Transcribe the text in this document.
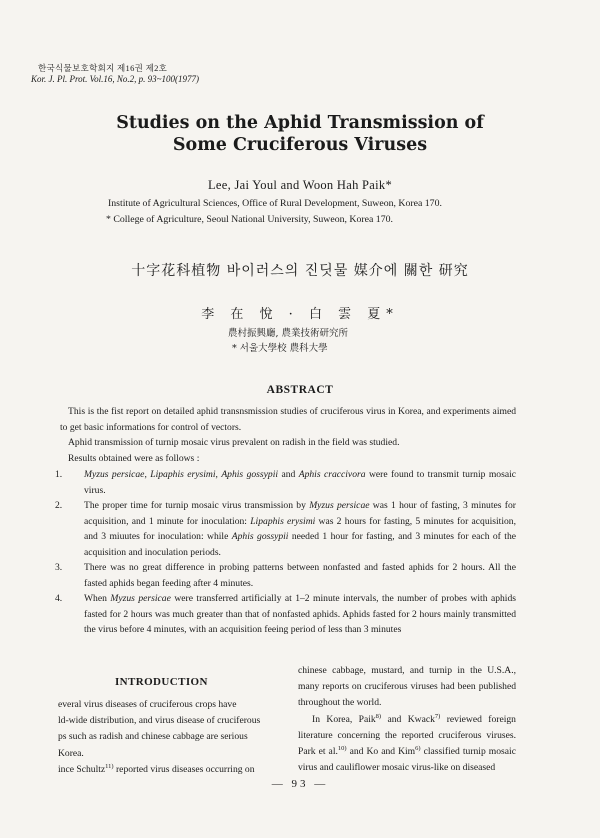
한국식물보호학회지 제16권 제2호
Kor. J. Pl. Prot. Vol.16, No.2, p. 93~100(1977)
Studies on the Aphid Transmission of
Some Cruciferous Viruses
Lee, Jai Youl and Woon Hah Paik*
Institute of Agricultural Sciences, Office of Rural Development, Suweon, Korea 170.
* College of Agriculture, Seoul National University, Suweon, Korea 170.
十字花科植物 바이러스의 진딧물 媒介에 關한 研究
李 在 悅 · 白 雲 夏*
農村振興廳, 農業技術研究所
* 서울大學校 農科大學
ABSTRACT
This is the fist report on detailed aphid transnsmission studies of cruciferous virus in Korea, and experiments aimed to get basic informations for control of vectors.
Aphid transmission of turnip mosaic virus prevalent on radish in the field was studied.
Results obtained were as follows :
1. Myzus persicae, Lipaphis erysimi, Aphis gossypii and Aphis craccivora were found to transmit turnip mosaic virus.
2. The proper time for turnip mosaic virus transmission by Myzus persicae was 1 hour of fasting, 3 minutes for acquisition, and 1 minute for inoculation: Lipaphis erysimi was 2 hours for fasting, 5 minutes for acquisition, and 3 miuutes for inoculation: while Aphis gossypii needed 1 hour for fasting, and 3 minutes for each of the acquisition and inoculation periods.
3. There was no great difference in probing patterns between nonfasted and fasted aphids for 2 hours. All the fasted aphids began feeding after 4 minutes.
4. When Myzus persicae were transferred artificially at 1–2 minute intervals, the number of probes with aphids fasted for 2 hours was much greater than that of nonfasted aphids. Aphids fasted for 2 hours mainly transmitted the virus before 4 minutes, with an acquisition feeing period of less than 3 minutes
INTRODUCTION

everal virus diseases of cruciferous crops have

ld-wide distribution, and virus disease of cruciferous

ps such as radish and chinese cabbage are serious

Korea.

ince Schultz$^{11)}$ reported virus diseases occurring on

chinese cabbage, mustard, and turnip in the U.S.A., many reports on cruciferous viruses had been published throughout the world.

In Korea, Paik$^{8)}$ and Kwack$^{7)}$ reviewed foreign literature concerning the reported cruciferous viruses. Park et al.$^{10)}$ and Ko and Kim$^{6)}$ classified turnip mosaic virus and cauliflower mosaic virus-like on diseased

— 93 —
